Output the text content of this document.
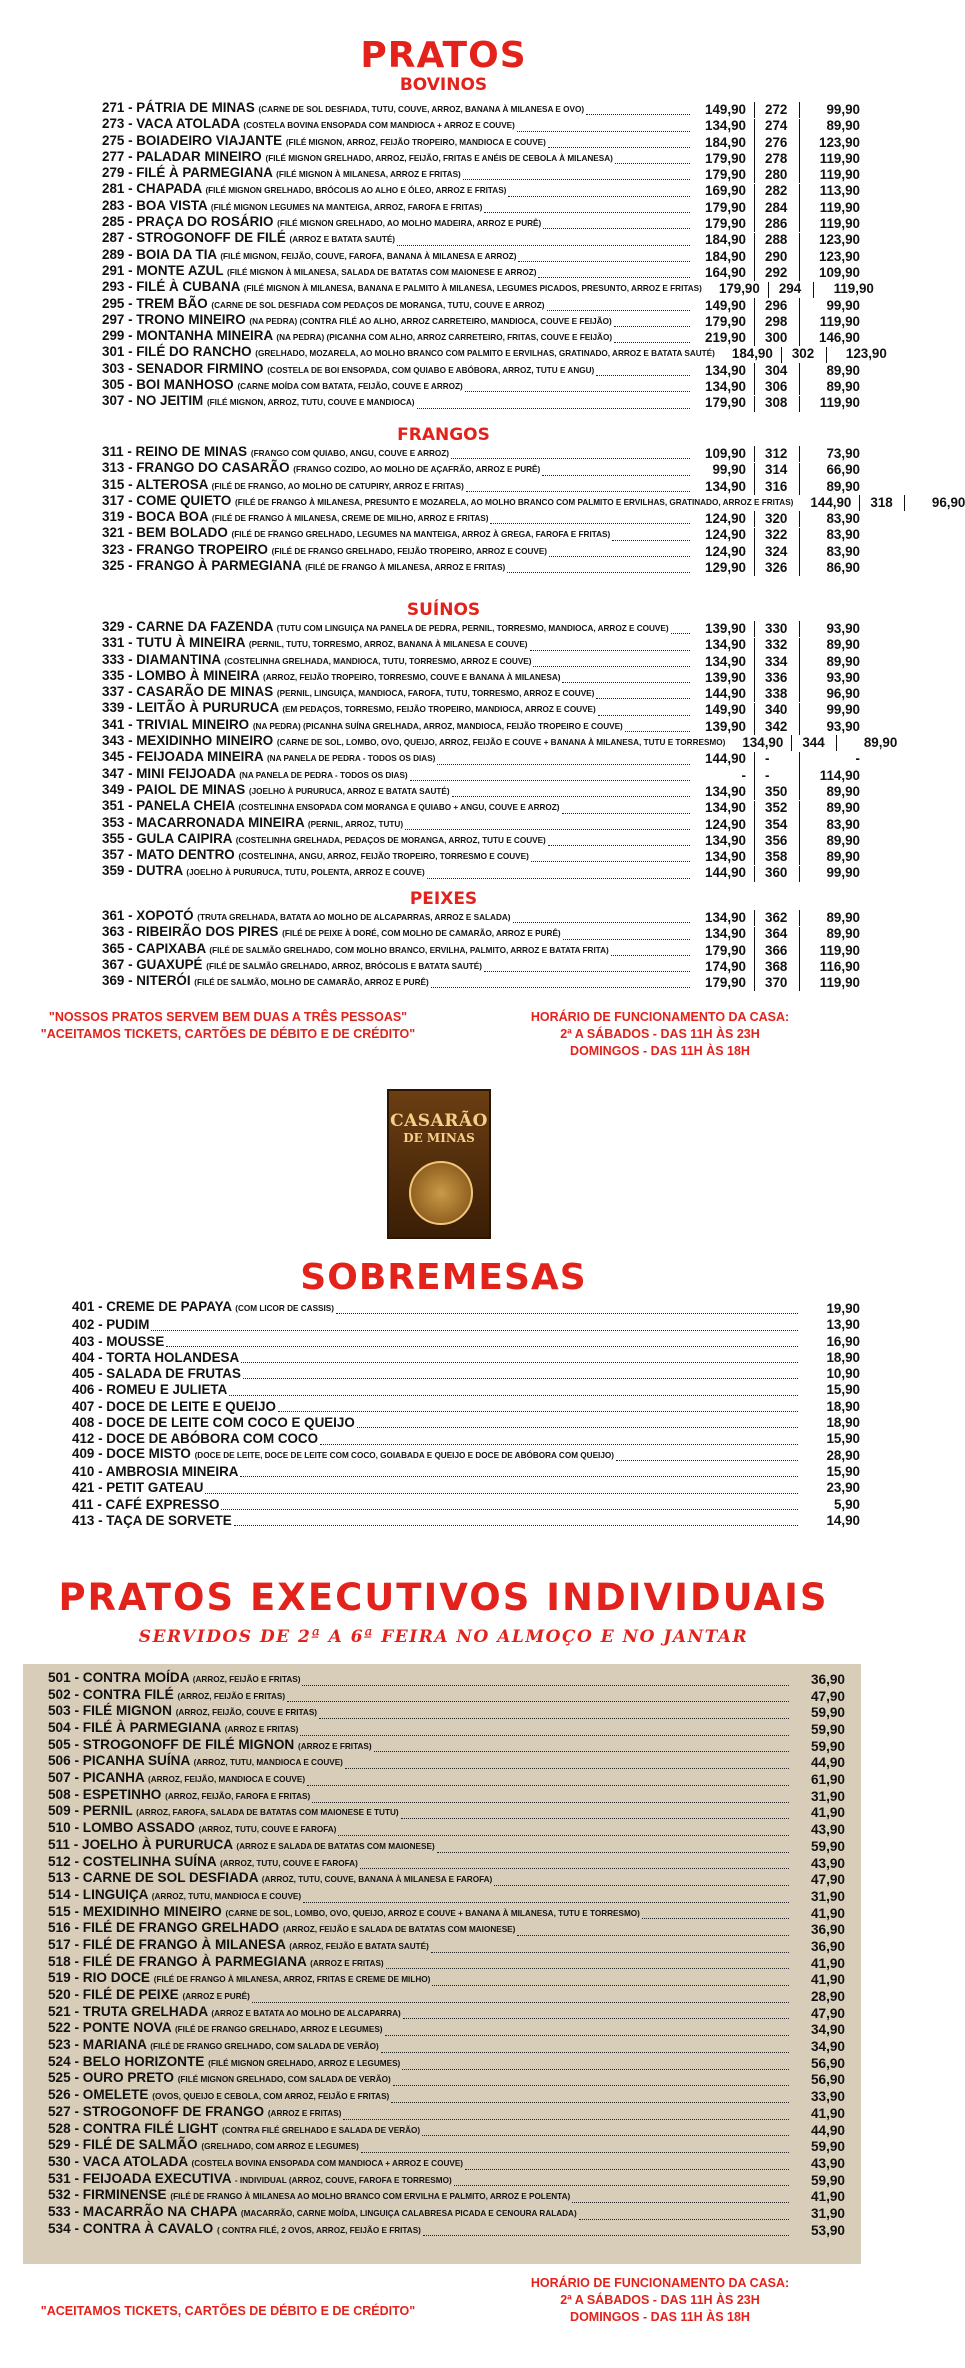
PRATOS
BOVINOS
271 - PÁTRIA DE MINAS (CARNE DE SOL DESFIADA, TUTU, COUVE, ARROZ, BANANA À MILANESA E OVO)	149,90 272	99,90
273 - VACA ATOLADA (COSTELA BOVINA ENSOPADA COM MANDIOCA + ARROZ E COUVE)	134,90 274	89,90
275 - BOIADEIRO VIAJANTE (FILÉ MIGNON, ARROZ, FEIJÃO TROPEIRO, MANDIOCA E COUVE)	184,90 276	123,90
277 - PALADAR MINEIRO (FILÉ MIGNON GRELHADO, ARROZ, FEIJÃO, FRITAS E ANÉIS DE CEBOLA À MILANESA)	179,90 278	119,90
279 - FILÉ À PARMEGIANA (FILÉ MIGNON À MILANESA, ARROZ E FRITAS)	179,90 280	119,90
281 - CHAPADA (FILÉ MIGNON GRELHADO, BRÓCOLIS AO ALHO E ÓLEO, ARROZ E FRITAS)	169,90 282	113,90
283 - BOA VISTA (FILÉ MIGNON LEGUMES NA MANTEIGA, ARROZ, FAROFA E FRITAS)	179,90 284	119,90
285 - PRAÇA DO ROSÁRIO (FILÉ MIGNON GRELHADO, AO MOLHO MADEIRA, ARROZ E PURÊ)	179,90 286	119,90
287 - STROGONOFF DE FILÉ (ARROZ E BATATA SAUTÉ)	184,90 288	123,90
289 - BOIA DA TIA (FILÉ MIGNON, FEIJÃO, COUVE, FAROFA, BANANA À MILANESA E ARROZ)	184,90 290	123,90
291 - MONTE AZUL (FILÉ MIGNON À MILANESA, SALADA DE BATATAS COM MAIONESE E ARROZ)	164,90 292	109,90
293 - FILÉ À CUBANA (FILÉ MIGNON À MILANESA, BANANA E PALMITO À MILANESA, LEGUMES PICADOS, PRESUNTO, ARROZ E FRITAS)	179,90 294	119,90
295 - TREM BÃO (CARNE DE SOL DESFIADA COM PEDAÇOS DE MORANGA, TUTU, COUVE E ARROZ)	149,90 296	99,90
297 - TRONO MINEIRO (NA PEDRA) (CONTRA FILÉ AO ALHO, ARROZ CARRETEIRO, MANDIOCA, COUVE E FEIJÃO)	179,90 298	119,90
299 - MONTANHA MINEIRA (NA PEDRA) (PICANHA COM ALHO, ARROZ CARRETEIRO, FRITAS, COUVE E FEIJÃO)	219,90 300	146,90
301 - FILÉ DO RANCHO (GRELHADO, MOZARELA, AO MOLHO BRANCO COM PALMITO E ERVILHAS, GRATINADO, ARROZ E BATATA SAUTÉ)	184,90 302	123,90
303 - SENADOR FIRMINO (COSTELA DE BOI ENSOPADA, COM QUIABO E ABÓBORA, ARROZ, TUTU E ANGU)	134,90 304	89,90
305 - BOI MANHOSO (CARNE MOÍDA COM BATATA, FEIJÃO, COUVE E ARROZ)	134,90 306	89,90
307 - NO JEITIM (FILÉ MIGNON, ARROZ, TUTU, COUVE E MANDIOCA)	179,90 308	119,90
FRANGOS
311 - REINO DE MINAS (FRANGO COM QUIABO, ANGU, COUVE E ARROZ)	109,90 312	73,90
313 - FRANGO DO CASARÃO (FRANGO COZIDO, AO MOLHO DE AÇAFRÃO, ARROZ E PURÊ)	99,90 314	66,90
315 - ALTEROSA (FILÉ DE FRANGO, AO MOLHO DE CATUPIRY, ARROZ E FRITAS)	134,90 316	89,90
317 - COME QUIETO (FILÉ DE FRANGO À MILANESA, PRESUNTO E MOZARELA, AO MOLHO BRANCO COM PALMITO E ERVILHAS, GRATINADO, ARROZ E FRITAS)	144,90 318	96,90
319 - BOCA BOA (FILÉ DE FRANGO À MILANESA, CREME DE MILHO, ARROZ E FRITAS)	124,90 320	83,90
321 - BEM BOLADO (FILÉ DE FRANGO GRELHADO, LEGUMES NA MANTEIGA, ARROZ À GREGA, FAROFA E FRITAS)	124,90 322	83,90
323 - FRANGO TROPEIRO (FILÉ DE FRANGO GRELHADO, FEIJÃO TROPEIRO, ARROZ E COUVE)	124,90 324	83,90
325 - FRANGO À PARMEGIANA (FILÉ DE FRANGO À MILANESA, ARROZ E FRITAS)	129,90 326	86,90
SUÍNOS
329 - CARNE DA FAZENDA (TUTU COM LINGUIÇA NA PANELA DE PEDRA, PERNIL, TORRESMO, MANDIOCA, ARROZ E COUVE)	139,90 330	93,90
331 - TUTU À MINEIRA (PERNIL, TUTU, TORRESMO, ARROZ, BANANA À MILANESA E COUVE)	134,90 332	89,90
333 - DIAMANTINA (COSTELINHA GRELHADA, MANDIOCA, TUTU, TORRESMO, ARROZ E COUVE)	134,90 334	89,90
335 - LOMBO À MINEIRA (ARROZ, FEIJÃO TROPEIRO, TORRESMO, COUVE E BANANA À MILANESA)	139,90 336	93,90
337 - CASARÃO DE MINAS (PERNIL, LINGUIÇA, MANDIOCA, FAROFA, TUTU, TORRESMO, ARROZ E COUVE)	144,90 338	96,90
339 - LEITÃO À PURURUCA (EM PEDAÇOS, TORRESMO, FEIJÃO TROPEIRO, MANDIOCA, ARROZ E COUVE)	149,90 340	99,90
341 - TRIVIAL MINEIRO (NA PEDRA) (PICANHA SUÍNA GRELHADA, ARROZ, MANDIOCA, FEIJÃO TROPEIRO E COUVE)	139,90 342	93,90
343 - MEXIDINHO MINEIRO (CARNE DE SOL, LOMBO, OVO, QUEIJO, ARROZ, FEIJÃO E COUVE + BANANA À MILANESA, TUTU E TORRESMO)	134,90 344	89,90
345 - FEIJOADA MINEIRA (NA PANELA DE PEDRA - TODOS OS DIAS)	144,90 -	-
347 - MINI FEIJOADA (NA PANELA DE PEDRA - TODOS OS DIAS)	- -	114,90
349 - PAIOL DE MINAS (JOELHO À PURURUCA, ARROZ E BATATA SAUTÉ)	134,90 350	89,90
351 - PANELA CHEIA (COSTELINHA ENSOPADA COM MORANGA E QUIABO + ANGU, COUVE E ARROZ)	134,90 352	89,90
353 - MACARRONADA MINEIRA (PERNIL, ARROZ, TUTU)	124,90 354	83,90
355 - GULA CAIPIRA (COSTELINHA GRELHADA, PEDAÇOS DE MORANGA, ARROZ, TUTU E COUVE)	134,90 356	89,90
357 - MATO DENTRO (COSTELINHA, ANGU, ARROZ, FEIJÃO TROPEIRO, TORRESMO E COUVE)	134,90 358	89,90
359 - DUTRA (JOELHO À PURURUCA, TUTU, POLENTA, ARROZ E COUVE)	144,90 360	99,90
PEIXES
361 - XOPOTÓ (TRUTA GRELHADA, BATATA AO MOLHO DE ALCAPARRAS, ARROZ E SALADA)	134,90 362	89,90
363 - RIBEIRÃO DOS PIRES (FILÉ DE PEIXE À DORÉ, COM MOLHO DE CAMARÃO, ARROZ E PURÊ)	134,90 364	89,90
365 - CAPIXABA (FILÉ DE SALMÃO GRELHADO, COM MOLHO BRANCO, ERVILHA, PALMITO, ARROZ E BATATA FRITA)	179,90 366	119,90
367 - GUAXUPÉ (FILÉ DE SALMÃO GRELHADO, ARROZ, BRÓCOLIS E BATATA SAUTÉ)	174,90 368	116,90
369 - NITERÓI (FILÉ DE SALMÃO, MOLHO DE CAMARÃO, ARROZ E PURÊ)	179,90 370	119,90
"NOSSOS PRATOS SERVEM BEM DUAS A TRÊS PESSOAS"
"ACEITAMOS TICKETS, CARTÕES DE DÉBITO E DE CRÉDITO"
HORÁRIO DE FUNCIONAMENTO DA CASA:
2ª A SÁBADOS - DAS 11H ÀS 23H
DOMINGOS - DAS 11H ÀS 18H
CASARÃO
DE MINAS
SOBREMESAS
401 - CREME DE PAPAYA (COM LICOR DE CASSIS)	19,90
402 - PUDIM	13,90
403 - MOUSSE	16,90
404 - TORTA HOLANDESA	18,90
405 - SALADA DE FRUTAS	10,90
406 - ROMEU E JULIETA	15,90
407 - DOCE DE LEITE E QUEIJO	18,90
408 - DOCE DE LEITE COM COCO E QUEIJO	18,90
412 - DOCE DE ABÓBORA COM COCO	15,90
409 - DOCE MISTO (DOCE DE LEITE, DOCE DE LEITE COM COCO, GOIABADA E QUEIJO E DOCE DE ABÓBORA COM QUEIJO)	28,90
410 - AMBROSIA MINEIRA	15,90
421 - PETIT GATEAU	23,90
411 - CAFÉ EXPRESSO	5,90
413 - TAÇA DE SORVETE	14,90
PRATOS EXECUTIVOS INDIVIDUAIS
SERVIDOS DE 2ª A 6ª FEIRA NO ALMOÇO E NO JANTAR
501 - CONTRA MOÍDA (ARROZ, FEIJÃO E FRITAS)	36,90
502 - CONTRA FILÉ (ARROZ, FEIJÃO E FRITAS)	47,90
503 - FILÉ MIGNON (ARROZ, FEIJÃO, COUVE E FRITAS)	59,90
504 - FILÉ À PARMEGIANA (ARROZ E FRITAS)	59,90
505 - STROGONOFF DE FILÉ MIGNON (ARROZ E FRITAS)	59,90
506 - PICANHA SUÍNA (ARROZ, TUTU, MANDIOCA E COUVE)	44,90
507 - PICANHA (ARROZ, FEIJÃO, MANDIOCA E COUVE)	61,90
508 - ESPETINHO (ARROZ, FEIJÃO, FAROFA E FRITAS)	31,90
509 - PERNIL (ARROZ, FAROFA, SALADA DE BATATAS COM MAIONESE E TUTU)	41,90
510 - LOMBO ASSADO (ARROZ, TUTU, COUVE E FAROFA)	43,90
511 - JOELHO À PURURUCA (ARROZ E SALADA DE BATATAS COM MAIONESE)	59,90
512 - COSTELINHA SUÍNA (ARROZ, TUTU, COUVE E FAROFA)	43,90
513 - CARNE DE SOL DESFIADA (ARROZ, TUTU, COUVE, BANANA À MILANESA E FAROFA)	47,90
514 - LINGUIÇA (ARROZ, TUTU, MANDIOCA E COUVE)	31,90
515 - MEXIDINHO MINEIRO (CARNE DE SOL, LOMBO, OVO, QUEIJO, ARROZ E COUVE + BANANA À MILANESA, TUTU E TORRESMO)	41,90
516 - FILÉ DE FRANGO GRELHADO (ARROZ, FEIJÃO E SALADA DE BATATAS COM MAIONESE)	36,90
517 - FILÉ DE FRANGO À MILANESA (ARROZ, FEIJÃO E BATATA SAUTÉ)	36,90
518 - FILÉ DE FRANGO À PARMEGIANA (ARROZ E FRITAS)	41,90
519 - RIO DOCE (FILÉ DE FRANGO À MILANESA, ARROZ, FRITAS E CREME DE MILHO)	41,90
520 - FILÉ DE PEIXE (ARROZ E PURÊ)	28,90
521 - TRUTA GRELHADA (ARROZ E BATATA AO MOLHO DE ALCAPARRA)	47,90
522 - PONTE NOVA (FILÉ DE FRANGO GRELHADO, ARROZ E LEGUMES)	34,90
523 - MARIANA (FILÉ DE FRANGO GRELHADO, COM SALADA DE VERÃO)	34,90
524 - BELO HORIZONTE (FILÉ MIGNON GRELHADO, ARROZ E LEGUMES)	56,90
525 - OURO PRETO (FILÉ MIGNON GRELHADO, COM SALADA DE VERÃO)	56,90
526 - OMELETE (OVOS, QUEIJO E CEBOLA, COM ARROZ, FEIJÃO E FRITAS)	33,90
527 - STROGONOFF DE FRANGO (ARROZ E FRITAS)	41,90
528 - CONTRA FILÉ LIGHT (CONTRA FILÉ GRELHADO E SALADA DE VERÃO)	44,90
529 - FILÉ DE SALMÃO (GRELHADO, COM ARROZ E LEGUMES)	59,90
530 - VACA ATOLADA (COSTELA BOVINA ENSOPADA COM MANDIOCA + ARROZ E COUVE)	43,90
531 - FEIJOADA EXECUTIVA - INDIVIDUAL (ARROZ, COUVE, FAROFA E TORRESMO)	59,90
532 - FIRMINENSE (FILÉ DE FRANGO À MILANESA AO MOLHO BRANCO COM ERVILHA E PALMITO, ARROZ E POLENTA)	41,90
533 - MACARRÃO NA CHAPA (MACARRÃO, CARNE MOÍDA, LINGUIÇA CALABRESA PICADA E CENOURA RALADA)	31,90
534 - CONTRA À CAVALO ( CONTRA FILÉ, 2 OVOS, ARROZ, FEIJÃO E FRITAS)	53,90
"ACEITAMOS TICKETS, CARTÕES DE DÉBITO E DE CRÉDITO"
HORÁRIO DE FUNCIONAMENTO DA CASA:
2ª A SÁBADOS - DAS 11H ÀS 23H
DOMINGOS - DAS 11H ÀS 18H
